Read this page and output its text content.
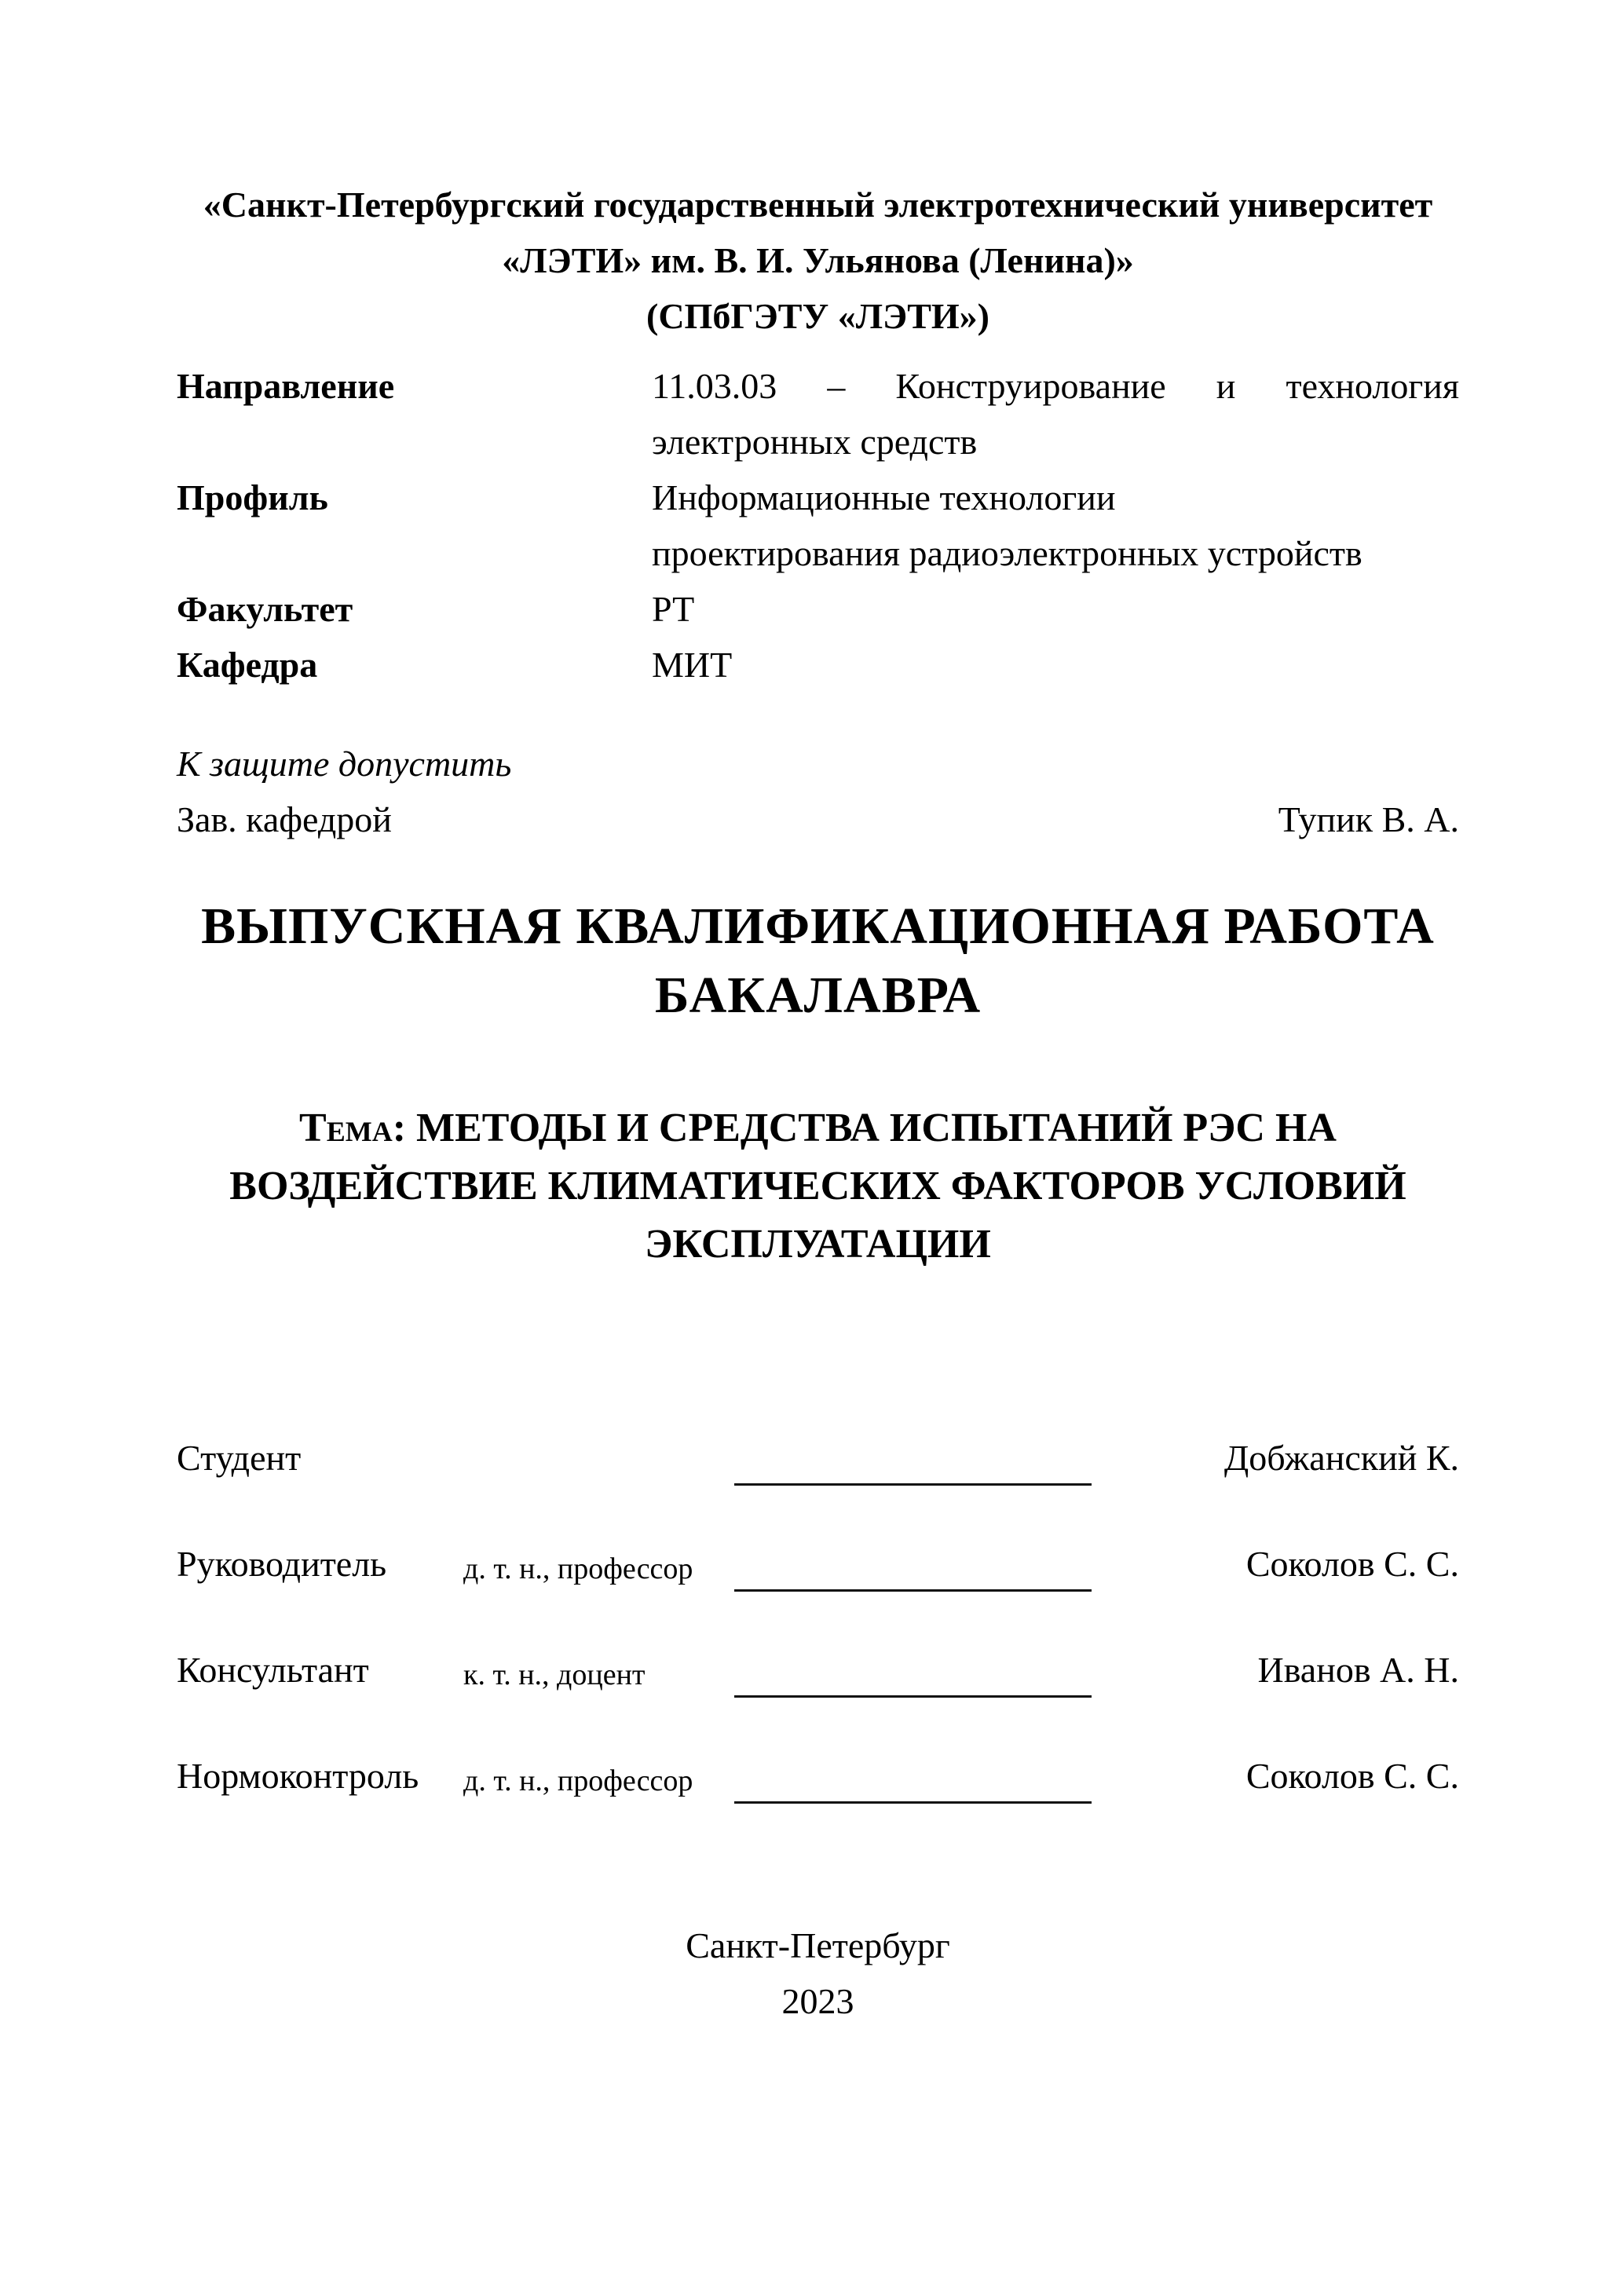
«Санкт-Петербургский государственный электротехнический университет
«ЛЭТИ» им. В. И. Ульянова (Ленина)»
(СПбГЭТУ «ЛЭТИ»)
Направление	11.03.03 – Конструирование и технология
электронных средств
Профиль	Информационные технологии
проектирования радиоэлектронных устройств
Факультет	РТ
Кафедра	МИТ
К защите допустить
Зав. кафедрой	Тупик В. А.
ВЫПУСКНАЯ КВАЛИФИКАЦИОННАЯ РАБОТА
БАКАЛАВРА
Тема: МЕТОДЫ И СРЕДСТВА ИСПЫТАНИЙ РЭС НА
ВОЗДЕЙСТВИЕ КЛИМАТИЧЕСКИХ ФАКТОРОВ УСЛОВИЙ
ЭКСПЛУАТАЦИИ
Студент	Добжанский К.
Руководитель	д. т. н., профессор	Соколов С. С.
Консультант	к. т. н., доцент	Иванов А. Н.
Нормоконтроль	д. т. н., профессор	Соколов С. С.
Санкт-Петербург
2023
